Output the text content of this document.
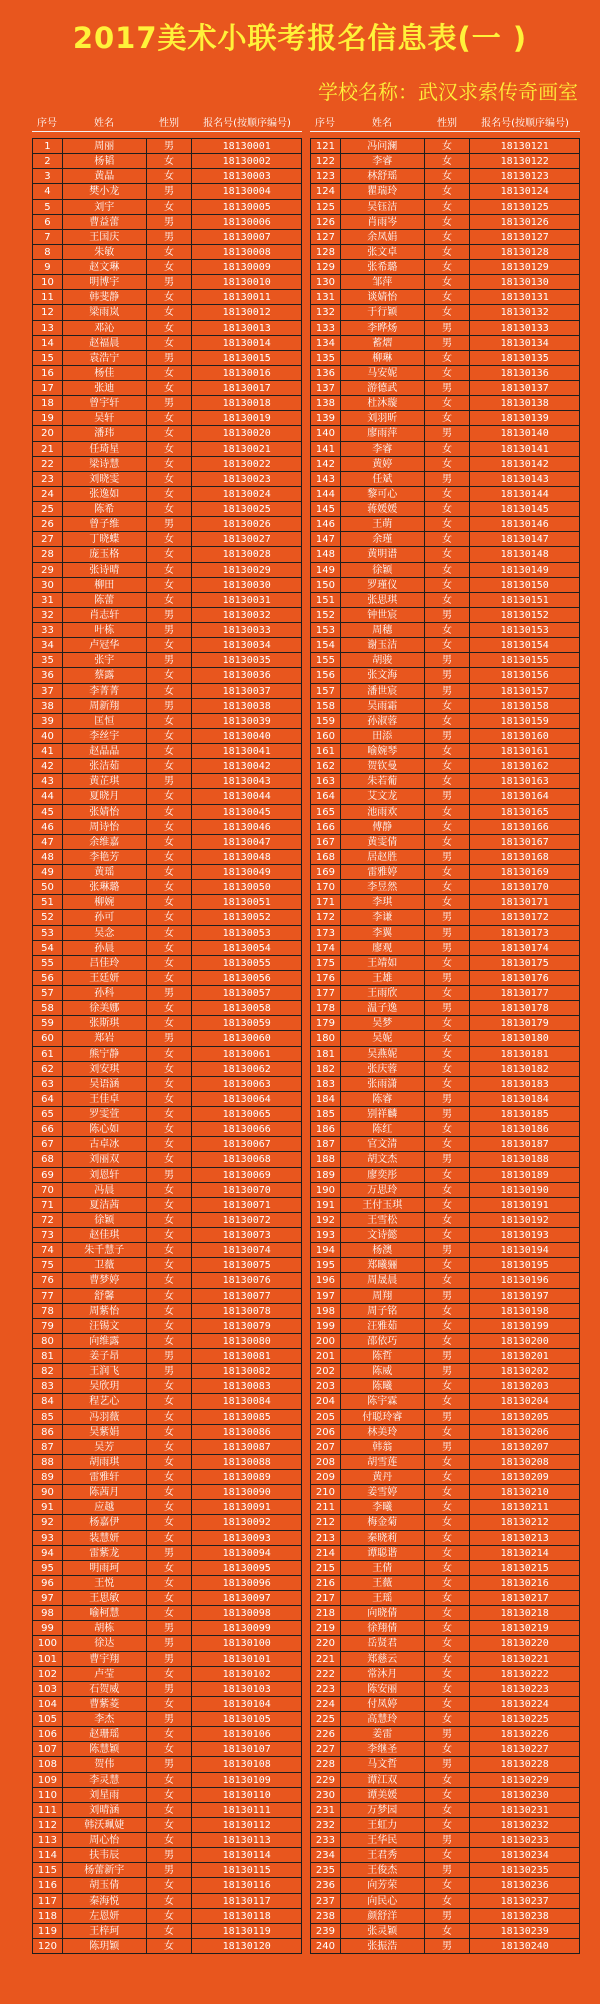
2017美术小联考报名信息表(一 )
学校名称：武汉求索传奇画室
序号	姓名	性别	报名号(按顺序编号)
1	周丽	男	18130001
2	杨韬	女	18130002
3	黄晶	女	18130003
4	樊小龙	男	18130004
5	刘宇	女	18130005
6	曹益蕾	男	18130006
7	王国庆	男	18130007
8	朱敏	女	18130008
9	赵文琳	女	18130009
10	明博宇	男	18130010
11	韩斐静	女	18130011
12	梁雨岚	女	18130012
13	邓沁	女	18130013
14	赵福晨	女	18130014
15	袁浩宁	男	18130015
16	杨佳	女	18130016
17	张迪	女	18130017
18	曾宇轩	男	18130018
19	吴轩	女	18130019
20	潘玮	女	18130020
21	任琦星	女	18130021
22	梁诗慧	女	18130022
23	刘晓雯	女	18130023
24	张逸如	女	18130024
25	陈希	女	18130025
26	曾子维	男	18130026
27	丁晓蝶	女	18130027
28	庞玉格	女	18130028
29	张诗晴	女	18130029
30	柳田	女	18130030
31	陈蕾	女	18130031
32	肖志轩	男	18130032
33	叶栋	男	18130033
34	卢冠华	女	18130034
35	张宇	男	18130035
36	蔡露	女	18130036
37	李菁菁	女	18130037
38	周新翔	男	18130038
39	匡恒	女	18130039
40	李丝宇	女	18130040
41	赵晶晶	女	18130041
42	张洁茹	女	18130042
43	黄芷琪	男	18130043
44	夏晓月	女	18130044
45	张婧怡	女	18130045
46	周诗怡	女	18130046
47	余维嘉	女	18130047
48	李艳芳	女	18130048
49	黄瑶	女	18130049
50	张琳璐	女	18130050
51	柳婉	女	18130051
52	孙可	女	18130052
53	吴念	女	18130053
54	孙晨	女	18130054
55	吕佳玲	女	18130055
56	王廷妍	女	18130056
57	孙科	男	18130057
58	徐美娜	女	18130058
59	张斯琪	女	18130059
60	郑岩	男	18130060
61	熊宁静	女	18130061
62	刘安琪	女	18130062
63	吴语涵	女	18130063
64	王佳卓	女	18130064
65	罗雯萱	女	18130065
66	陈心如	女	18130066
67	古卓冰	女	18130067
68	刘丽双	女	18130068
69	刘恩轩	男	18130069
70	冯晨	女	18130070
71	夏洁茜	女	18130071
72	徐颖	女	18130072
73	赵佳琪	女	18130073
74	朱千慧子	女	18130074
75	卫薇	女	18130075
76	曹梦婷	女	18130076
77	舒馨	女	18130077
78	周紫怡	女	18130078
79	汪锡文	女	18130079
80	向维露	女	18130080
81	姜子昂	男	18130081
82	王润飞	男	18130082
83	吴欣玥	女	18130083
84	程艺心	女	18130084
85	冯羽薇	女	18130085
86	吴紫娟	女	18130086
87	吴芳	女	18130087
88	胡雨琪	女	18130088
89	雷雅轩	女	18130089
90	陈茜月	女	18130090
91	应越	女	18130091
92	杨嘉伊	女	18130092
93	装慧妍	女	18130093
94	雷紫龙	男	18130094
95	明雨珂	女	18130095
96	王悦	女	18130096
97	王思敏	女	18130097
98	喻柯慧	女	18130098
99	胡栋	男	18130099
100	徐达	男	18130100
101	曹宇翔	男	18130101
102	卢莹	女	18130102
103	石贺威	男	18130103
104	曹紫菱	女	18130104
105	李杰	男	18130105
106	赵珊瑶	女	18130106
107	陈慧颖	女	18130107
108	贺伟	男	18130108
109	李灵慧	女	18130109
110	刘星雨	女	18130110
111	刘晴涵	女	18130111
112	韩沃珮婕	女	18130112
113	周心怡	女	18130113
114	扶韦辰	男	18130114
115	杨蕾新宇	男	18130115
116	胡玉倩	女	18130116
117	秦海悦	女	18130117
118	左恩妍	女	18130118
119	王梓珂	女	18130119
120	陈玥颖	女	18130120
序号	姓名	性别	报名号(按顺序编号)
121	冯问澜	女	18130121
122	李睿	女	18130122
123	林舒瑶	女	18130123
124	瞿瑞玲	女	18130124
125	吴钰洁	女	18130125
126	肖雨岑	女	18130126
127	余凤娟	女	18130127
128	张文卓	女	18130128
129	张希璐	女	18130129
130	邹萍	女	18130130
131	谈婧怡	女	18130131
132	于行颖	女	18130132
133	李晔炀	男	18130133
134	蓄熠	男	18130134
135	柳琳	女	18130135
136	马安妮	女	18130136
137	游德武	男	18130137
138	杜沐璇	女	18130138
139	刘羽昕	女	18130139
140	廖雨萍	男	18130140
141	李睿	女	18130141
142	黄婷	女	18130142
143	任斌	男	18130143
144	黎可心	女	18130144
145	蒋媛媛	女	18130145
146	王萌	女	18130146
147	余瑾	女	18130147
148	黄明谱	女	18130148
149	徐颖	女	18130149
150	罗瑾仪	女	18130150
151	张思琪	女	18130151
152	钟世宸	男	18130152
153	周穗	女	18130153
154	谢玉洁	女	18130154
155	胡骏	男	18130155
156	张文海	男	18130156
157	潘世宸	男	18130157
158	吴雨霜	女	18130158
159	孙淑蓉	女	18130159
160	田添	男	18130160
161	喻婉琴	女	18130161
162	贺钦曼	女	18130162
163	朱若葡	女	18130163
164	艾文龙	男	18130164
165	池雨欢	女	18130165
166	傅静	女	18130166
167	黄雯倩	女	18130167
168	居赵胜	男	18130168
169	雷雅婷	女	18130169
170	李昱然	女	18130170
171	李琪	女	18130171
172	李谦	男	18130172
173	李翼	男	18130173
174	廖观	男	18130174
175	王靖如	女	18130175
176	王雄	男	18130176
177	王雨欣	女	18130177
178	温子逸	男	18130178
179	吴梦	女	18130179
180	吴妮	女	18130180
181	吴燕妮	女	18130181
182	张庆蓉	女	18130182
183	张雨潇	女	18130183
184	陈睿	男	18130184
185	别祥麟	男	18130185
186	陈红	女	18130186
187	官文清	女	18130187
188	胡文杰	男	18130188
189	廖奕彤	女	18130189
190	万思玲	女	18130190
191	王付玉琪	女	18130191
192	王雪松	女	18130192
193	文诗懿	女	18130193
194	杨澳	男	18130194
195	郑曦骊	女	18130195
196	周晟晨	女	18130196
197	周翔	男	18130197
198	周子铭	女	18130198
199	汪雅茹	女	18130199
200	邵依巧	女	18130200
201	陈哲	男	18130201
202	陈威	男	18130202
203	陈曦	女	18130203
204	陈宇霖	女	18130204
205	付聪玲睿	男	18130205
206	林美玲	女	18130206
207	韩翁	男	18130207
208	胡雪莲	女	18130208
209	黄丹	女	18130209
210	姜雪婷	女	18130210
211	李曦	女	18130211
212	梅金菊	女	18130212
213	秦晓莉	女	18130213
214	谭聪谐	女	18130214
215	王倩	女	18130215
216	王薇	女	18130216
217	王瑶	女	18130217
218	向晓倩	女	18130218
219	徐翔倩	女	18130219
220	岳贤君	女	18130220
221	郑慈云	女	18130221
222	常沐月	女	18130222
223	陈安丽	女	18130223
224	付凤婷	女	18130224
225	高慧玲	女	18130225
226	姜雷	男	18130226
227	李继圣	女	18130227
228	马文哲	男	18130228
229	谭江双	女	18130229
230	谭美媛	女	18130230
231	万梦园	女	18130231
232	王虹力	女	18130232
233	王华民	男	18130233
234	王君秀	女	18130234
235	王俊杰	男	18130235
236	向芳荣	女	18130236
237	向民心	女	18130237
238	颜舒洋	男	18130238
239	张灵颖	女	18130239
240	张振浩	男	18130240
